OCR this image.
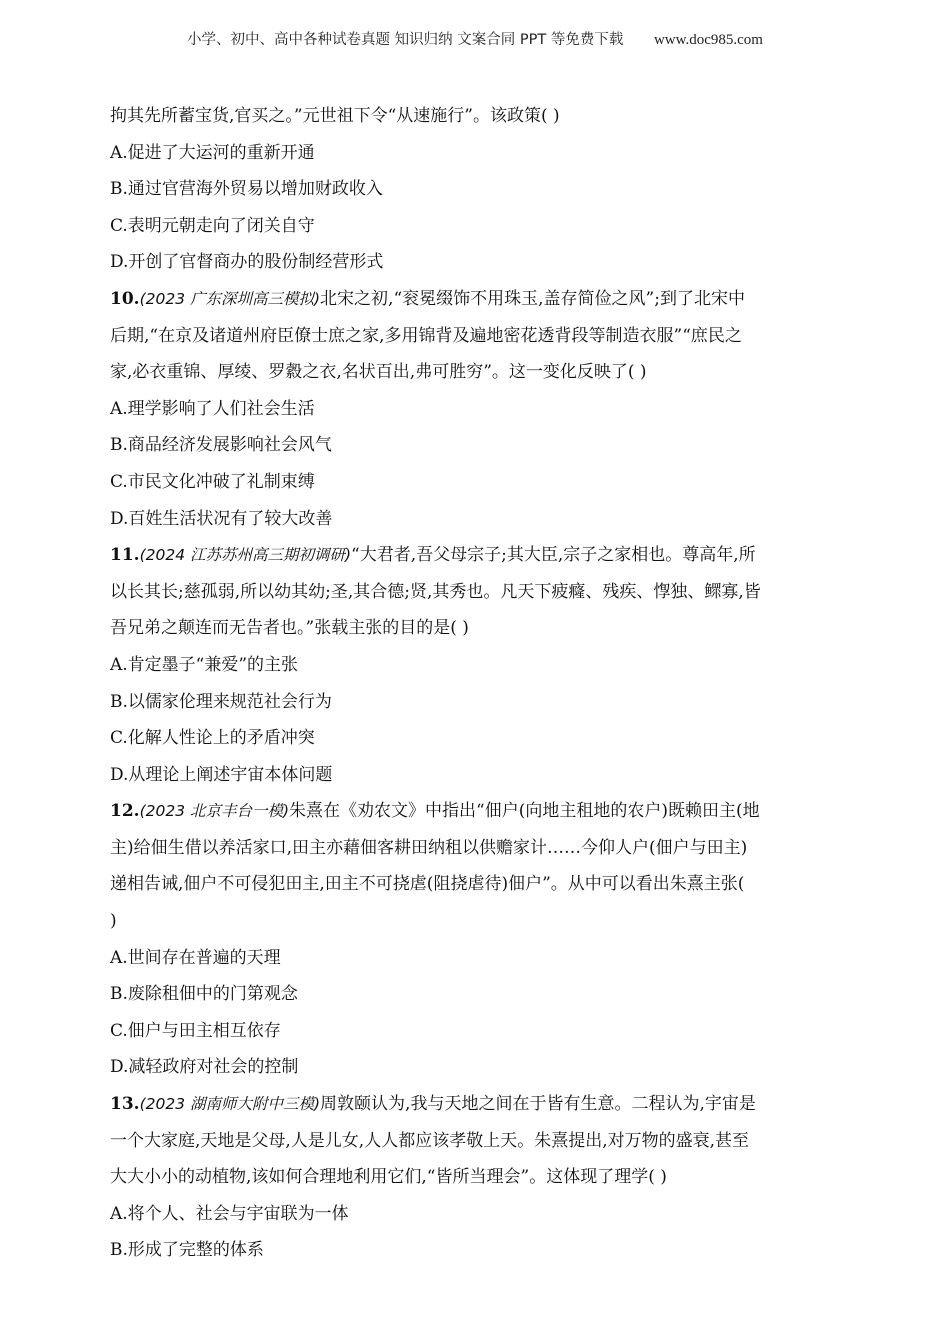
小学、初中、高中各种试卷真题 知识归纳 文案合同 PPT 等免费下载 www.doc985.com
拘其先所蓄宝货,官买之。”元世祖下令“从速施行”。该政策( )
A.促进了大运河的重新开通
B.通过官营海外贸易以增加财政收入
C.表明元朝走向了闭关自守
D.开创了官督商办的股份制经营形式
10.(2023 广东深圳高三模拟)北宋之初,“衮冕缀饰不用珠玉,盖存简俭之风”;到了北宋中
后期,“在京及诸道州府臣僚士庶之家,多用锦背及遍地密花透背段等制造衣服”“庶民之
家,必衣重锦、厚绫、罗縠之衣,名状百出,弗可胜穷”。这一变化反映了( )
A.理学影响了人们社会生活
B.商品经济发展影响社会风气
C.市民文化冲破了礼制束缚
D.百姓生活状况有了较大改善
11.(2024 江苏苏州高三期初调研)“大君者,吾父母宗子;其大臣,宗子之家相也。尊高年,所
以长其长;慈孤弱,所以幼其幼;圣,其合德;贤,其秀也。凡天下疲癃、残疾、惸独、鳏寡,皆
吾兄弟之颠连而无告者也。”张载主张的目的是( )
A.肯定墨子“兼爱”的主张
B.以儒家伦理来规范社会行为
C.化解人性论上的矛盾冲突
D.从理论上阐述宇宙本体问题
12.(2023 北京丰台一模)朱熹在《劝农文》中指出“佃户(向地主租地的农户)既赖田主(地
主)给佃生借以养活家口,田主亦藉佃客耕田纳租以供赡家计……今仰人户(佃户与田主)
递相告诫,佃户不可侵犯田主,田主不可挠虐(阻挠虐待)佃户”。从中可以看出朱熹主张(
)
A.世间存在普遍的天理
B.废除租佃中的门第观念
C.佃户与田主相互依存
D.减轻政府对社会的控制
13.(2023 湖南师大附中三模)周敦颐认为,我与天地之间在于皆有生意。二程认为,宇宙是
一个大家庭,天地是父母,人是儿女,人人都应该孝敬上天。朱熹提出,对万物的盛衰,甚至
大大小小的动植物,该如何合理地利用它们,“皆所当理会”。这体现了理学( )
A.将个人、社会与宇宙联为一体
B.形成了完整的体系
